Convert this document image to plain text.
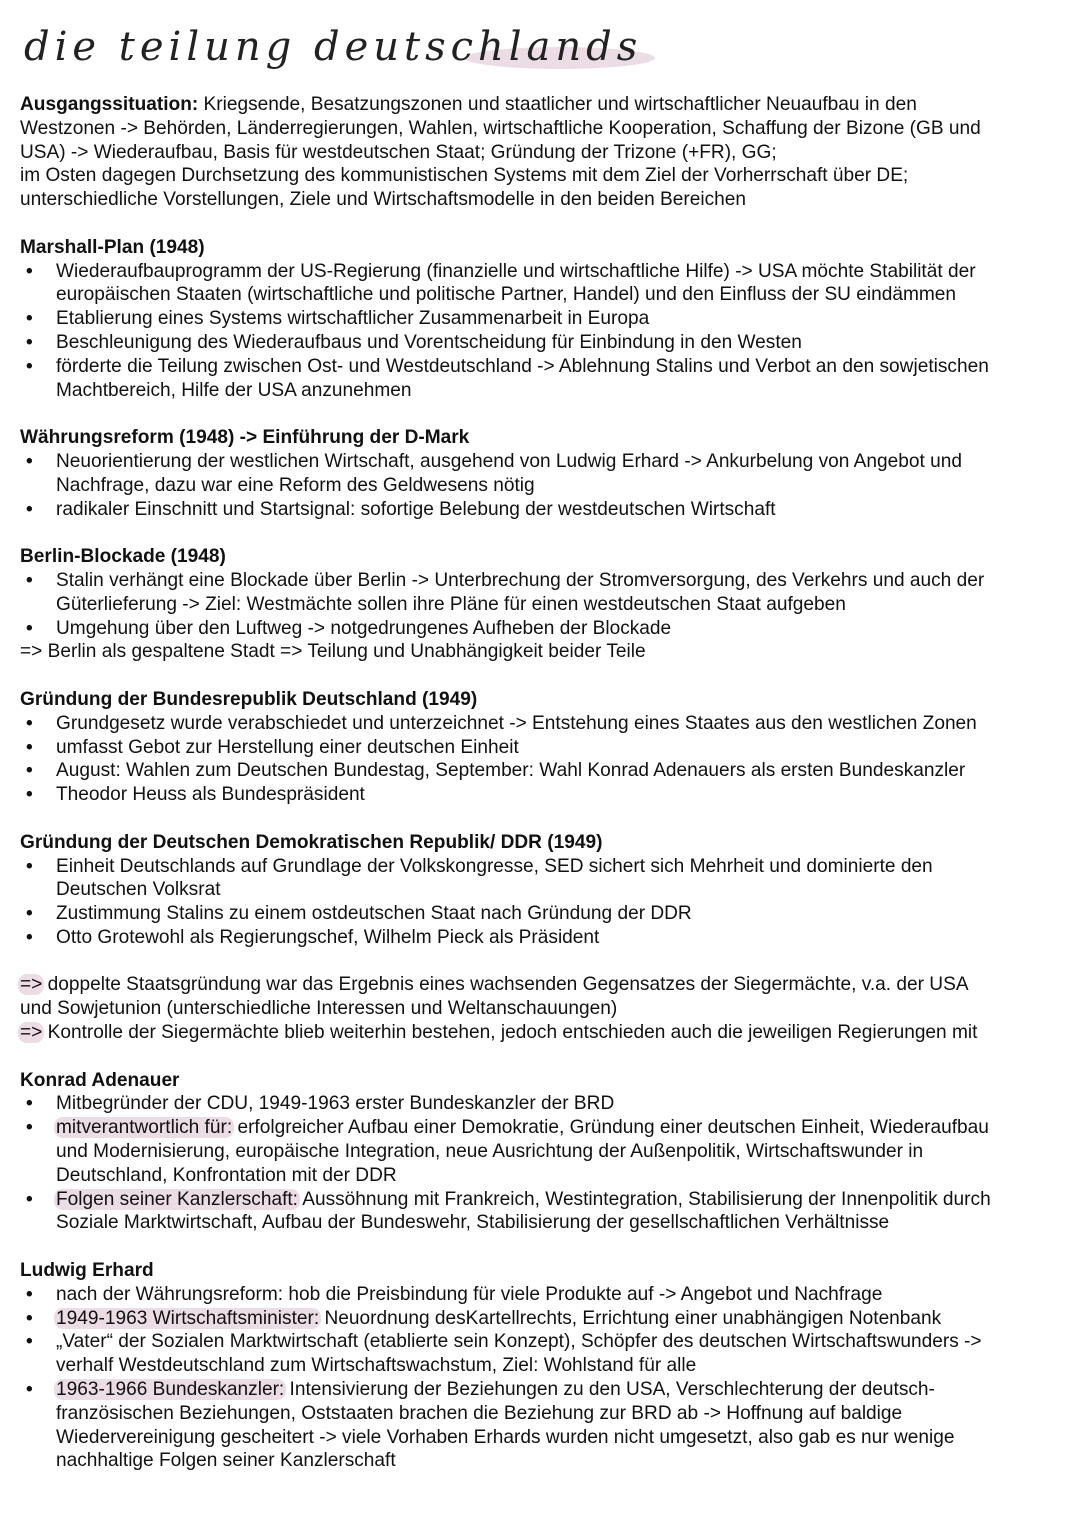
die teilung deutschlands
Ausgangssituation: Kriegsende, Besatzungszonen und staatlicher und wirtschaftlicher Neuaufbau in den
Westzonen -> Behörden, Länderregierungen, Wahlen, wirtschaftliche Kooperation, Schaffung der Bizone (GB und
USA) -> Wiederaufbau, Basis für westdeutschen Staat; Gründung der Trizone (+FR), GG;
im Osten dagegen Durchsetzung des kommunistischen Systems mit dem Ziel der Vorherrschaft über DE;
unterschiedliche Vorstellungen, Ziele und Wirtschaftsmodelle in den beiden Bereichen
Marshall-Plan (1948)
• Wiederaufbauprogramm der US-Regierung (finanzielle und wirtschaftliche Hilfe) -> USA möchte Stabilität der
europäischen Staaten (wirtschaftliche und politische Partner, Handel) und den Einfluss der SU eindämmen
• Etablierung eines Systems wirtschaftlicher Zusammenarbeit in Europa
• Beschleunigung des Wiederaufbaus und Vorentscheidung für Einbindung in den Westen
• förderte die Teilung zwischen Ost- und Westdeutschland -> Ablehnung Stalins und Verbot an den sowjetischen
Machtbereich, Hilfe der USA anzunehmen
Währungsreform (1948) -> Einführung der D-Mark
• Neuorientierung der westlichen Wirtschaft, ausgehend von Ludwig Erhard -> Ankurbelung von Angebot und
Nachfrage, dazu war eine Reform des Geldwesens nötig
• radikaler Einschnitt und Startsignal: sofortige Belebung der westdeutschen Wirtschaft
Berlin-Blockade (1948)
• Stalin verhängt eine Blockade über Berlin -> Unterbrechung der Stromversorgung, des Verkehrs und auch der
Güterlieferung -> Ziel: Westmächte sollen ihre Pläne für einen westdeutschen Staat aufgeben
• Umgehung über den Luftweg -> notgedrungenes Aufheben der Blockade
=> Berlin als gespaltene Stadt => Teilung und Unabhängigkeit beider Teile
Gründung der Bundesrepublik Deutschland (1949)
• Grundgesetz wurde verabschiedet und unterzeichnet -> Entstehung eines Staates aus den westlichen Zonen
• umfasst Gebot zur Herstellung einer deutschen Einheit
• August: Wahlen zum Deutschen Bundestag, September: Wahl Konrad Adenauers als ersten Bundeskanzler
• Theodor Heuss als Bundespräsident
Gründung der Deutschen Demokratischen Republik/ DDR (1949)
• Einheit Deutschlands auf Grundlage der Volkskongresse, SED sichert sich Mehrheit und dominierte den
Deutschen Volksrat
• Zustimmung Stalins zu einem ostdeutschen Staat nach Gründung der DDR
• Otto Grotewohl als Regierungschef, Wilhelm Pieck als Präsident
=> doppelte Staatsgründung war das Ergebnis eines wachsenden Gegensatzes der Siegermächte, v.a. der USA
und Sowjetunion (unterschiedliche Interessen und Weltanschauungen)
=> Kontrolle der Siegermächte blieb weiterhin bestehen, jedoch entschieden auch die jeweiligen Regierungen mit
Konrad Adenauer
• Mitbegründer der CDU, 1949-1963 erster Bundeskanzler der BRD
• mitverantwortlich für: erfolgreicher Aufbau einer Demokratie, Gründung einer deutschen Einheit, Wiederaufbau
und Modernisierung, europäische Integration, neue Ausrichtung der Außenpolitik, Wirtschaftswunder in
Deutschland, Konfrontation mit der DDR
• Folgen seiner Kanzlerschaft: Aussöhnung mit Frankreich, Westintegration, Stabilisierung der Innenpolitik durch
Soziale Marktwirtschaft, Aufbau der Bundeswehr, Stabilisierung der gesellschaftlichen Verhältnisse
Ludwig Erhard
• nach der Währungsreform: hob die Preisbindung für viele Produkte auf -> Angebot und Nachfrage
• 1949-1963 Wirtschaftsminister: Neuordnung desKartellrechts, Errichtung einer unabhängigen Notenbank
• „Vater“ der Sozialen Marktwirtschaft (etablierte sein Konzept), Schöpfer des deutschen Wirtschaftswunders ->
verhalf Westdeutschland zum Wirtschaftswachstum, Ziel: Wohlstand für alle
• 1963-1966 Bundeskanzler: Intensivierung der Beziehungen zu den USA, Verschlechterung der deutsch-
französischen Beziehungen, Oststaaten brachen die Beziehung zur BRD ab -> Hoffnung auf baldige
Wiedervereinigung gescheitert -> viele Vorhaben Erhards wurden nicht umgesetzt, also gab es nur wenige
nachhaltige Folgen seiner Kanzlerschaft
